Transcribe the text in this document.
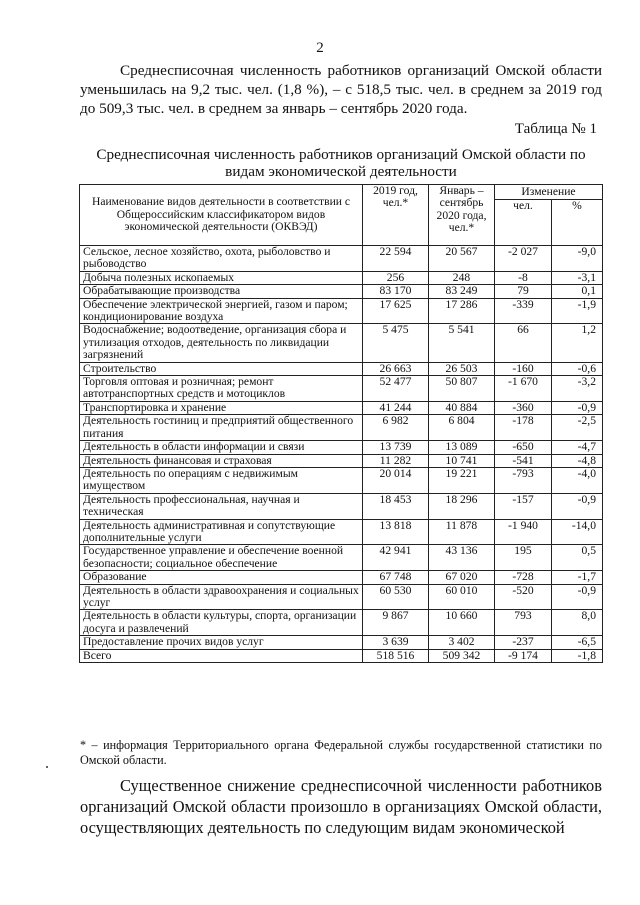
2

Среднесписочная численность работников организаций Омской области уменьшилась на 9,2 тыс. чел. (1,8 %), – с 518,5 тыс. чел. в среднем за 2019 год до 509,3 тыс. чел. в среднем за январь – сентябрь 2020 года.

Таблица № 1

Среднесписочная численность работников организаций Омской области по видам экономической деятельности

Наименование видов деятельности в соответствии с Общероссийским классификатором видов экономической деятельности (ОКВЭД)	2019 год, чел.*	Январь – сентябрь 2020 года, чел.*	Изменение	
			чел.	%
Сельское, лесное хозяйство, охота, рыболовство и рыбоводство	22 594	20 567	-2 027	-9,0
Добыча полезных ископаемых	256	248	-8	-3,1
Обрабатывающие производства	83 170	83 249	79	0,1
Обеспечение электрической энергией, газом и паром; кондиционирование воздуха	17 625	17 286	-339	-1,9
Водоснабжение; водоотведение, организация сбора и утилизация отходов, деятельность по ликвидации загрязнений	5 475	5 541	66	1,2
Строительство	26 663	26 503	-160	-0,6
Торговля оптовая и розничная; ремонт автотранспортных средств и мотоциклов	52 477	50 807	-1 670	-3,2
Транспортировка и хранение	41 244	40 884	-360	-0,9
Деятельность гостиниц и предприятий общественного питания	6 982	6 804	-178	-2,5
Деятельность в области информации и связи	13 739	13 089	-650	-4,7
Деятельность финансовая и страховая	11 282	10 741	-541	-4,8
Деятельность по операциям с недвижимым имуществом	20 014	19 221	-793	-4,0
Деятельность профессиональная, научная и техническая	18 453	18 296	-157	-0,9
Деятельность административная и сопутствующие дополнительные услуги	13 818	11 878	-1 940	-14,0
Государственное управление и обеспечение военной безопасности; социальное обеспечение	42 941	43 136	195	0,5
Образование	67 748	67 020	-728	-1,7
Деятельность в области здравоохранения и социальных услуг	60 530	60 010	-520	-0,9
Деятельность в области культуры, спорта, организации досуга и развлечений	9 867	10 660	793	8,0
Предоставление прочих видов услуг	3 639	3 402	-237	-6,5
Всего	518 516	509 342	-9 174	-1,8

* – информация Территориального органа Федеральной службы государственной статистики по Омской области.

Существенное снижение среднесписочной численности работников организаций Омской области произошло в организациях Омской области, осуществляющих деятельность по следующим видам экономической
